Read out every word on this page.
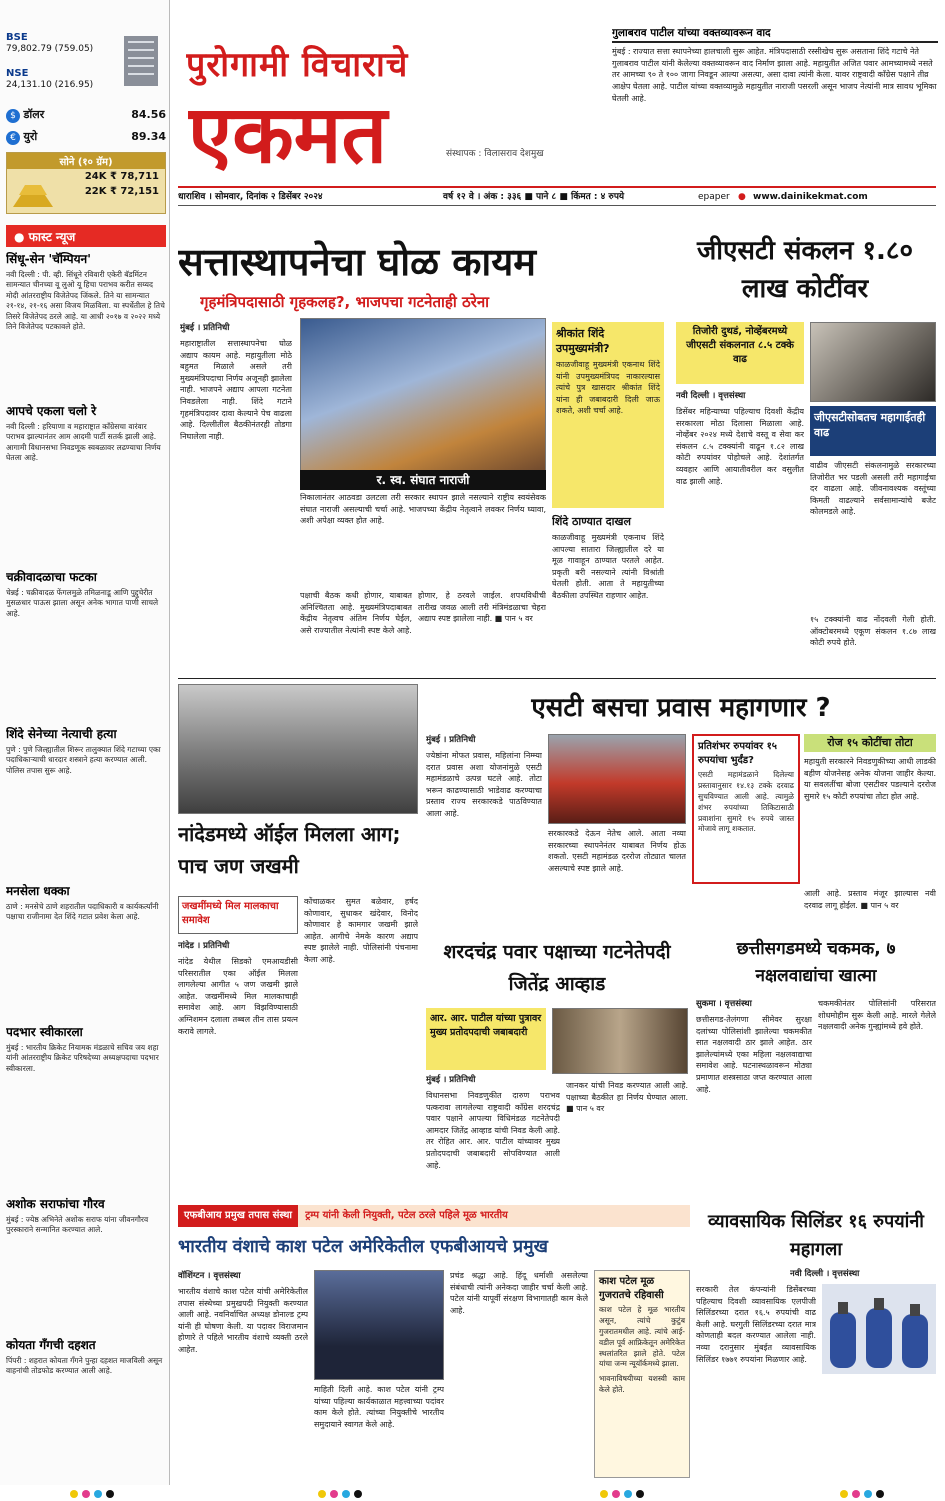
BSE
79,802.79 (759.05)
NSE
24,131.10 (216.95)
$ डॉलर	84.56
€ युरो	89.34
सोने (१० ग्रॅम)
24K ₹ 78,711
22K ₹ 72,151
● फास्ट न्यूज
सिंधू-सेन 'चॅम्पियन'
नवी दिल्ली : पी. व्ही. सिंधूने रविवारी एकेरी बॅडमिंटन सामन्यात चीनच्या वू लुओ यू हिचा पराभव करीत सय्यद मोदी आंतरराष्ट्रीय विजेतेपद जिंकले. तिने या सामन्यात २१-१४, २१-१६ असा विजय मिळविला. या स्पर्धेतील हे तिचे तिसरे विजेतेपद ठरले आहे. या आधी २०१७ व २०२२ मध्ये तिने विजेतेपद पटकावले होते.
आपचे एकला चलो रे
नवी दिल्ली : हरियाणा व महाराष्ट्रात काँग्रेसचा वारंवार पराभव झाल्यानंतर आम आदमी पार्टी सतर्क झाली आहे. आगामी विधानसभा निवडणूक स्वबळावर लढण्याचा निर्णय घेतला आहे.
चक्रीवादळाचा फटका
चेन्नई : चक्रीवादळ फेंगलमुळे तमिळनाडू आणि पुद्दुचेरीत मुसळधार पाऊस झाला असून अनेक भागात पाणी साचले आहे.
शिंदे सेनेच्या नेत्याची हत्या
पुणे : पुणे जिल्ह्यातील शिरूर तालुक्यात शिंदे गटाच्या एका पदाधिकाऱ्याची धारदार शस्त्राने हत्या करण्यात आली. पोलिस तपास सुरू आहे.
मनसेला धक्का
ठाणे : मनसेचे ठाणे शहरातील पदाधिकारी व कार्यकर्त्यांनी पक्षाचा राजीनामा देत शिंदे गटात प्रवेश केला आहे.
पदभार स्वीकारला
मुंबई : भारतीय क्रिकेट नियामक मंडळाचे सचिव जय शहा यांनी आंतरराष्ट्रीय क्रिकेट परिषदेच्या अध्यक्षपदाचा पदभार स्वीकारला.
अशोक सराफांचा गौरव
मुंबई : ज्येष्ठ अभिनेते अशोक सराफ यांना जीवनगौरव पुरस्काराने सन्मानित करण्यात आले.
कोयता गँगची दहशत
पिंपरी : शहरात कोयता गँगने पुन्हा दहशत माजविली असून वाहनांची तोडफोड करण्यात आली आहे.
पुरोगामी विचाराचे
एकमत	संस्थापक : विलासराव देशमुख
गुलाबराव पाटील यांच्या वक्तव्यावरून वाद
मुंबई : राज्यात सत्ता स्थापनेच्या हालचाली सुरू आहेत. मंत्रिपदासाठी रस्सीखेच सुरू असताना शिंदे गटाचे नेते गुलाबराव पाटील यांनी केलेल्या वक्तव्यावरून वाद निर्माण झाला आहे. महायुतीत अजित पवार आमच्यामध्ये नसते तर आमच्या ९० ते १०० जागा निवडून आल्या असत्या, असा दावा त्यांनी केला. यावर राष्ट्रवादी काँग्रेस पक्षाने तीव्र आक्षेप घेतला आहे. पाटील यांच्या वक्तव्यामुळे महायुतीत नाराजी पसरली असून भाजप नेत्यांनी मात्र सावध भूमिका घेतली आहे.
धाराशिव । सोमवार, दिनांक २ डिसेंबर २०२४	वर्ष १२ वे । अंक : ३३६ ■ पाने ८ ■ किंमत : ४ रुपये	epaper ● www.dainikekmat.com
सत्तास्थापनेचा घोळ कायम
गृहमंत्रिपदासाठी गृहकलह?, भाजपचा गटनेताही ठरेना
मुंबई । प्रतिनिधी
महाराष्ट्रातील सत्तास्थापनेचा घोळ अद्याप कायम आहे. महायुतीला मोठे बहुमत मिळाले असले तरी मुख्यमंत्रिपदाचा निर्णय अजूनही झालेला नाही. भाजपने अद्याप आपला गटनेता निवडलेला नाही. शिंदे गटाने गृहमंत्रिपदावर दावा केल्याने पेच वाढला आहे. दिल्लीतील बैठकीनंतरही तोडगा निघालेला नाही.
र. स्व. संघात नाराजी
निकालानंतर आठवडा उलटला तरी सरकार स्थापन झाले नसल्याने राष्ट्रीय स्वयंसेवक संघात नाराजी असल्याची चर्चा आहे. भाजपच्या केंद्रीय नेतृत्वाने लवकर निर्णय घ्यावा, अशी अपेक्षा व्यक्त होत आहे.
पक्षाची बैठक कधी होणार, याबाबत अनिश्चितता आहे. मुख्यमंत्रिपदाबाबत केंद्रीय नेतृत्वच अंतिम निर्णय घेईल, असे राज्यातील नेत्यांनी स्पष्ट केले आहे.
होणार, हे ठरवले जाईल. शपथविधीची तारीख जवळ आली तरी मंत्रिमंडळाचा चेहरा अद्याप स्पष्ट झालेला नाही. ■ पान ५ वर
श्रीकांत शिंदे उपमुख्यमंत्री?
काळजीवाहू मुख्यमंत्री एकनाथ शिंदे यांनी उपमुख्यमंत्रिपद नाकारल्यास त्यांचे पुत्र खासदार श्रीकांत शिंदे यांना ही जबाबदारी दिली जाऊ शकते, अशी चर्चा आहे.
शिंदे ठाण्यात दाखल
काळजीवाहू मुख्यमंत्री एकनाथ शिंदे आपल्या सातारा जिल्ह्यातील दरे या मूळ गावाहून ठाण्यात परतले आहेत. प्रकृती बरी नसल्याने त्यांनी विश्रांती घेतली होती. आता ते महायुतीच्या बैठकीला उपस्थित राहणार आहेत.
जीएसटी संकलन १.८० लाख कोटींवर
तिजोरी दुथडं, नोव्हेंबरमध्ये जीएसटी संकलनात ८.५ टक्के वाढ
नवी दिल्ली । वृत्तसंस्था
डिसेंबर महिन्याच्या पहिल्याच दिवशी केंद्रीय सरकारला मोठा दिलासा मिळाला आहे. नोव्हेंबर २०२४ मध्ये देशाचे वस्तू व सेवा कर संकलन ८.५ टक्क्यांनी वाढून १.८२ लाख कोटी रुपयांवर पोहोचले आहे. देशांतर्गत व्यवहार आणि आयातीवरील कर वसुलीत वाढ झाली आहे.
जीएसटीसोबतच महागाईतही वाढ
वाढीव जीएसटी संकलनामुळे सरकारच्या तिजोरीत भर पडली असली तरी महागाईचा दर वाढला आहे. जीवनावश्यक वस्तूंच्या किमती वाढल्याने सर्वसामान्यांचे बजेट कोलमडले आहे.
१५ टक्क्यांनी वाढ नोंदवली गेली होती. ऑक्टोबरमध्ये एकूण संकलन १.८७ लाख कोटी रुपये होते.
नांदेडमध्ये ऑईल मिलला आग; पाच जण जखमी
जखमींमध्ये मिल मालकाचा समावेश
नांदेड । प्रतिनिधी
नांदेड येथील सिडको एमआयडीसी परिसरातील एका ऑईल मिलला लागलेल्या आगीत ५ जण जखमी झाले आहेत. जखमींमध्ये मिल मालकाचाही समावेश आहे. आग विझविण्यासाठी अग्निशमन दलाला तब्बल तीन तास प्रयत्न करावे लागले.
कोंचाळकर सुमत बळेवार, हर्षद कोणावार, सुधाकर खंदेवार, विनोद कोणावार हे कामगार जखमी झाले आहेत. आगीचे नेमके कारण अद्याप स्पष्ट झालेले नाही. पोलिसांनी पंचनामा केला आहे.
एसटी बसचा प्रवास महागणार ?
मुंबई । प्रतिनिधी
ज्येष्ठांना मोफत प्रवास, महिलांना निम्म्या दरात प्रवास अशा योजनांमुळे एसटी महामंडळाचे उत्पन्न घटले आहे. तोटा भरून काढण्यासाठी भाडेवाढ करण्याचा प्रस्ताव राज्य सरकारकडे पाठविण्यात आला आहे.
सरकारकडे देऊन नेतेच आले. आता नव्या सरकारच्या स्थापनेनंतर याबाबत निर्णय होऊ शकतो. एसटी महामंडळ दररोज तोट्यात चालत असल्याचे स्पष्ट झाले आहे.
प्रतिशंभर रुपयांवर १५ रुपयांचा भुर्दंड?
एसटी महामंडळाने दिलेल्या प्रस्तावानुसार १४.१३ टक्के दरवाढ सुचविण्यात आली आहे. त्यामुळे शंभर रुपयांच्या तिकिटासाठी प्रवाशांना सुमारे १५ रुपये जास्त मोजावे लागू शकतात.
रोज १५ कोटींचा तोटा
महायुती सरकारने निवडणुकीच्या आधी लाडकी बहीण योजनेसह अनेक योजना जाहीर केल्या. या सवलतींचा बोजा एसटीवर पडल्याने दररोज सुमारे १५ कोटी रुपयांचा तोटा होत आहे.
आली आहे. प्रस्ताव मंजूर झाल्यास नवी दरवाढ लागू होईल. ■ पान ५ वर
शरदचंद्र पवार पक्षाच्या गटनेतेपदी जितेंद्र आव्हाड
आर. आर. पाटील यांच्या पुत्रावर मुख्य प्रतोदपदाची जबाबदारी
मुंबई । प्रतिनिधी
विधानसभा निवडणुकीत दारुण पराभव पत्करावा लागलेल्या राष्ट्रवादी काँग्रेस शरदचंद्र पवार पक्षाने आपल्या विधिमंडळ गटनेतेपदी आमदार जितेंद्र आव्हाड यांची निवड केली आहे. तर रोहित आर. आर. पाटील यांच्यावर मुख्य प्रतोदपदाची जबाबदारी सोपविण्यात आली आहे.
जानकर यांची निवड करण्यात आली आहे. पक्षाच्या बैठकीत हा निर्णय घेण्यात आला. ■ पान ५ वर
छत्तीसगडमध्ये चकमक, ७ नक्षलवाद्यांचा खात्मा
सुकमा । वृत्तसंस्था
छत्तीसगड-तेलंगणा सीमेवर सुरक्षा दलांच्या पोलिसांशी झालेल्या चकमकीत सात नक्षलवादी ठार झाले आहेत. ठार झालेल्यांमध्ये एका महिला नक्षलवाद्याचा समावेश आहे. घटनास्थळावरून मोठ्या प्रमाणात शस्त्रसाठा जप्त करण्यात आला आहे.
चकमकीनंतर पोलिसांनी परिसरात शोधमोहीम सुरू केली आहे. मारले गेलेले नक्षलवादी अनेक गुन्ह्यांमध्ये हवे होते.
एफबीआय प्रमुख तपास संस्था ट्रम्प यांनी केली नियुक्ती, पटेल ठरले पहिले मूळ भारतीय
भारतीय वंशाचे काश पटेल अमेरिकेतील एफबीआयचे प्रमुख
वॉशिंग्टन । वृत्तसंस्था
भारतीय वंशाचे काश पटेल यांची अमेरिकेतील तपास संस्थेच्या प्रमुखपदी नियुक्ती करण्यात आली आहे. नवनिर्वाचित अध्यक्ष डोनाल्ड ट्रम्प यांनी ही घोषणा केली. या पदावर विराजमान होणारे ते पहिले भारतीय वंशाचे व्यक्ती ठरले आहेत.
माहिती दिली आहे. काश पटेल यांनी ट्रम्प यांच्या पहिल्या कार्यकाळात महत्त्वाच्या पदांवर काम केले होते. त्यांच्या नियुक्तीचे भारतीय समुदायाने स्वागत केले आहे.
प्रचंड श्रद्धा आहे. हिंदू धर्माशी असलेल्या संबंधाची त्यांनी अनेकदा जाहीर चर्चा केली आहे. पटेल यांनी यापूर्वी संरक्षण विभागातही काम केले आहे.
काश पटेल मूळ गुजरातचे रहिवासी
काश पटेल हे मूळ भारतीय असून, त्यांचे कुटुंब गुजरातमधील आहे. त्यांचे आई-वडील पूर्व आफ्रिकेतून अमेरिकेत स्थलांतरित झाले होते. पटेल यांचा जन्म न्यूयॉर्कमध्ये झाला.
भावनाविषयीच्या यशस्वी काम केले होते.
व्यावसायिक सिलिंडर १६ रुपयांनी महागला
नवी दिल्ली । वृत्तसंस्था
सरकारी तेल कंपन्यांनी डिसेंबरच्या पहिल्याच दिवशी व्यावसायिक एलपीजी सिलिंडरच्या दरात १६.५ रुपयांची वाढ केली आहे. घरगुती सिलिंडरच्या दरात मात्र कोणताही बदल करण्यात आलेला नाही. नव्या दरानुसार मुंबईत व्यावसायिक सिलिंडर १७७१ रुपयांना मिळणार आहे.
